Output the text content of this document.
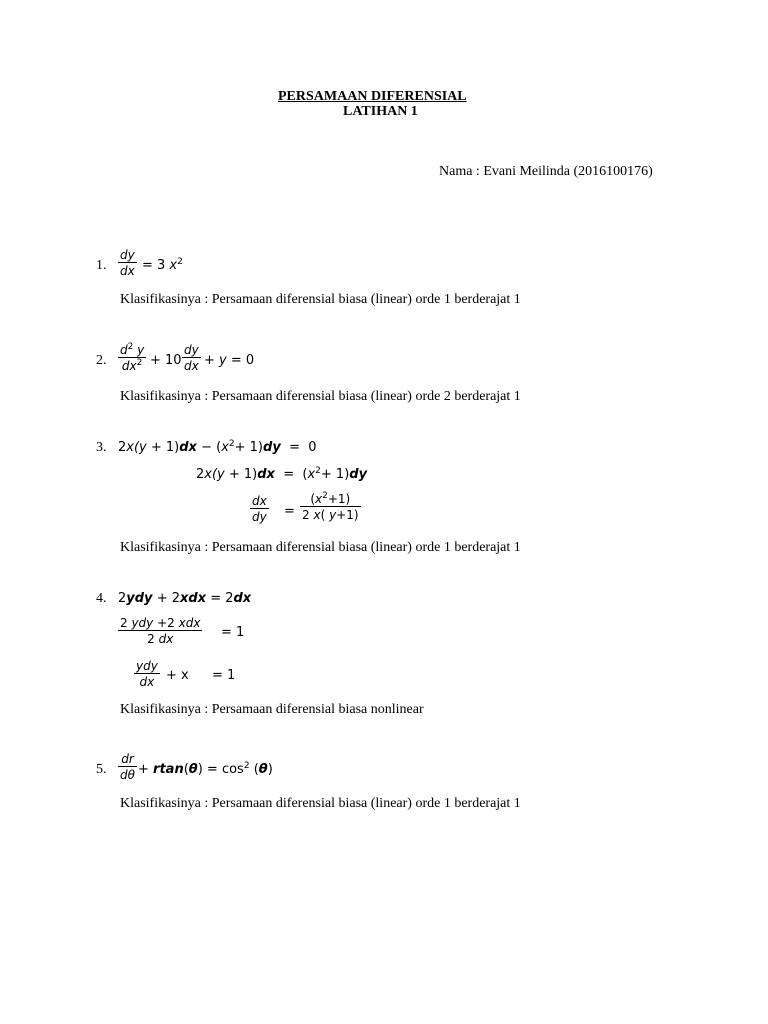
PERSAMAAN DIFERENSIAL
LATIHAN 1
Nama : Evani Meilinda (2016100176)
1. $\frac{dy}{dx} = 3$ $x^2$
Klasifikasinya : Persamaan diferensial biasa (linear) orde 1 berderajat 1
2. $\frac{d^2 y}{dx^2} + 10 \frac{dy}{dx} + y = 0$
Klasifikasinya : Persamaan diferensial biasa (linear) orde 2 berderajat 1
3. $2x(y + 1)dx - (x^2+ 1)dy = 0$
$2x(y + 1)dx = (x^2+ 1)dy$
$\frac{dx}{dy} = \frac{(x^2+1)}{2 x( y+1)}$
Klasifikasinya : Persamaan diferensial biasa (linear) orde 1 berderajat 1
4. 2ydy + 2xdx = 2dx
2 ydy +2 xdx
2 dx	= 1
ydy
dx + x = 1
Klasifikasinya : Persamaan diferensial biasa nonlinear
5. $\frac{dr}{d\theta} + rtan(\theta) = \cos^2 (\theta)$
Klasifikasinya : Persamaan diferensial biasa (linear) orde 1 berderajat 1
